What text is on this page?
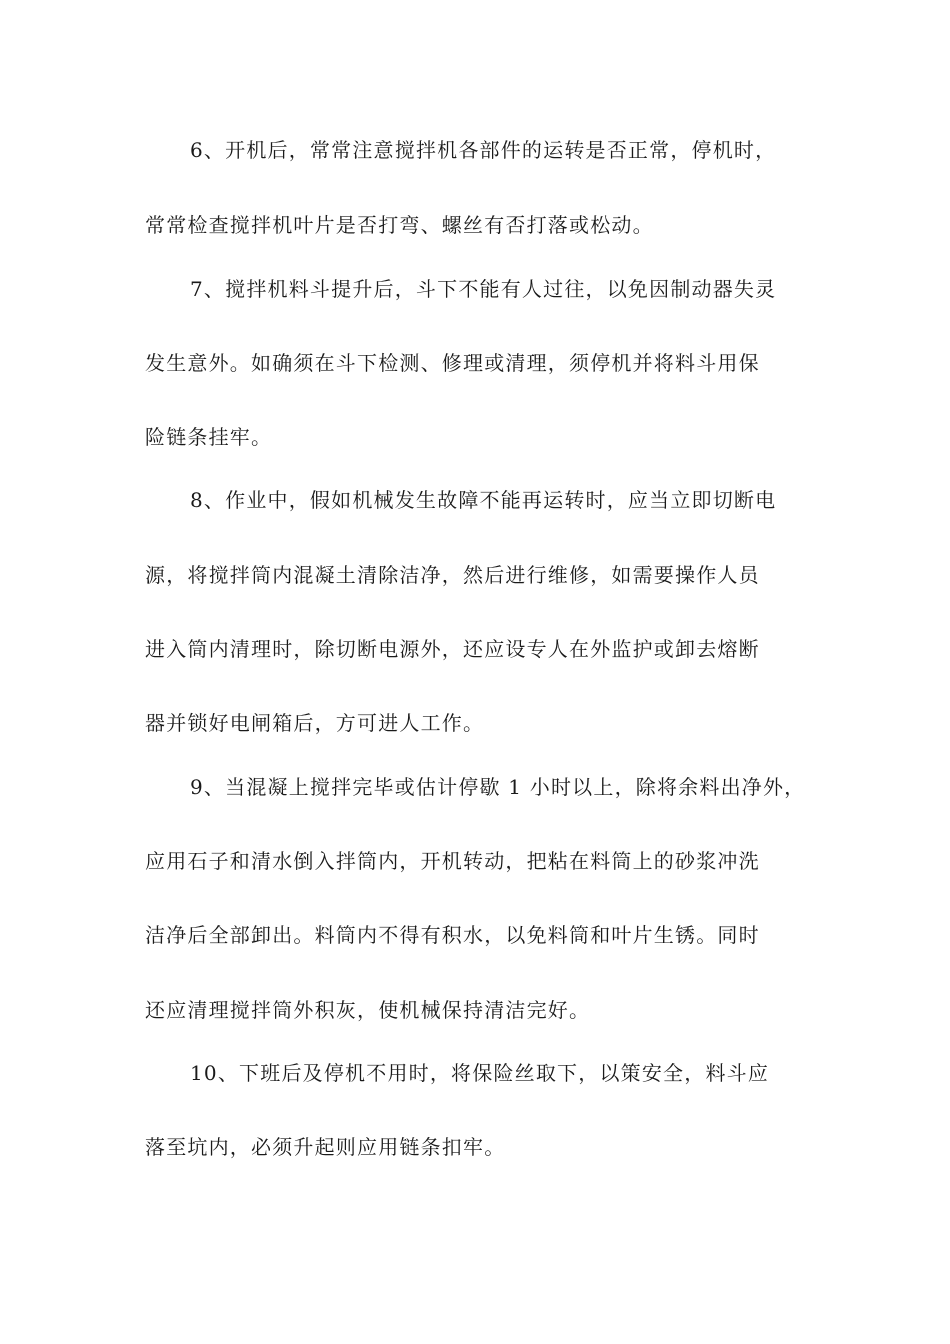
6、开机后，常常注意搅拌机各部件的运转是否正常，停机时，
常常检查搅拌机叶片是否打弯、螺丝有否打落或松动。
7、搅拌机料斗提升后，斗下不能有人过往，以免因制动器失灵
发生意外。如确须在斗下检测、修理或清理，须停机并将料斗用保
险链条挂牢。
8、作业中，假如机械发生故障不能再运转时，应当立即切断电
源，将搅拌筒内混凝土清除洁净，然后进行维修，如需要操作人员
进入筒内清理时，除切断电源外，还应设专人在外监护或卸去熔断
器并锁好电闸箱后，方可进人工作。
9、当混凝上搅拌完毕或估计停歇 1 小时以上，除将余料出净外，
应用石子和清水倒入拌筒内，开机转动，把粘在料筒上的砂浆冲洗
洁净后全部卸出。料筒内不得有积水，以免料筒和叶片生锈。同时
还应清理搅拌筒外积灰，使机械保持清洁完好。
10、下班后及停机不用时，将保险丝取下，以策安全，料斗应
落至坑内，必须升起则应用链条扣牢。
